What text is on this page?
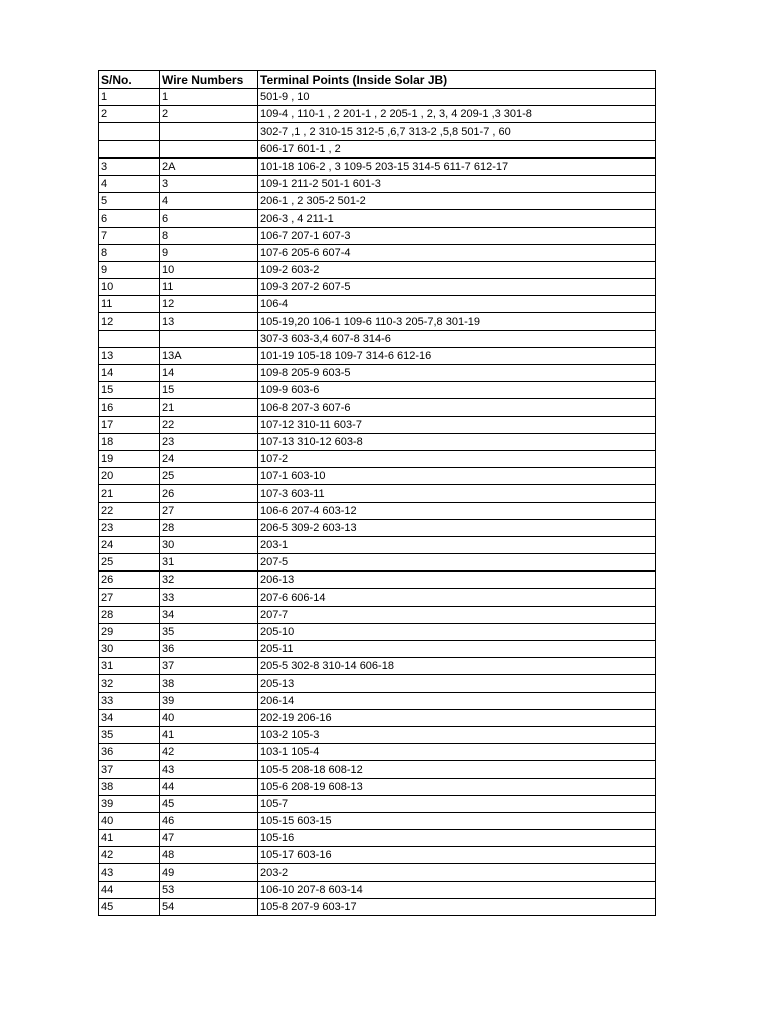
S/No.	Wire Numbers	Terminal Points (Inside Solar JB)
1	1	501-9 , 10
2	2	109-4 , 110-1 , 2 201-1 , 2 205-1 , 2, 3, 4 209-1 ,3 301-8
		302-7 ,1 , 2 310-15 312-5 ,6,7 313-2 ,5,8 501-7 , 60
		606-17 601-1 , 2
3	2A	101-18 106-2 , 3 109-5 203-15 314-5 611-7 612-17
4	3	109-1 211-2 501-1 601-3
5	4	206-1 , 2 305-2 501-2
6	6	206-3 , 4 211-1
7	8	106-7 207-1 607-3
8	9	107-6 205-6 607-4
9	10	109-2 603-2
10	11	109-3 207-2 607-5
11	12	106-4
12	13	105-19,20 106-1 109-6 110-3 205-7,8 301-19
		307-3 603-3,4 607-8 314-6
13	13A	101-19 105-18 109-7 314-6 612-16
14	14	109-8 205-9 603-5
15	15	109-9 603-6
16	21	106-8 207-3 607-6
17	22	107-12 310-11 603-7
18	23	107-13 310-12 603-8
19	24	107-2
20	25	107-1 603-10
21	26	107-3 603-11
22	27	106-6 207-4 603-12
23	28	206-5 309-2 603-13
24	30	203-1
25	31	207-5
26	32	206-13
27	33	207-6 606-14
28	34	207-7
29	35	205-10
30	36	205-11
31	37	205-5 302-8 310-14 606-18
32	38	205-13
33	39	206-14
34	40	202-19 206-16
35	41	103-2 105-3
36	42	103-1 105-4
37	43	105-5 208-18 608-12
38	44	105-6 208-19 608-13
39	45	105-7
40	46	105-15 603-15
41	47	105-16
42	48	105-17 603-16
43	49	203-2
44	53	106-10 207-8 603-14
45	54	105-8 207-9 603-17
